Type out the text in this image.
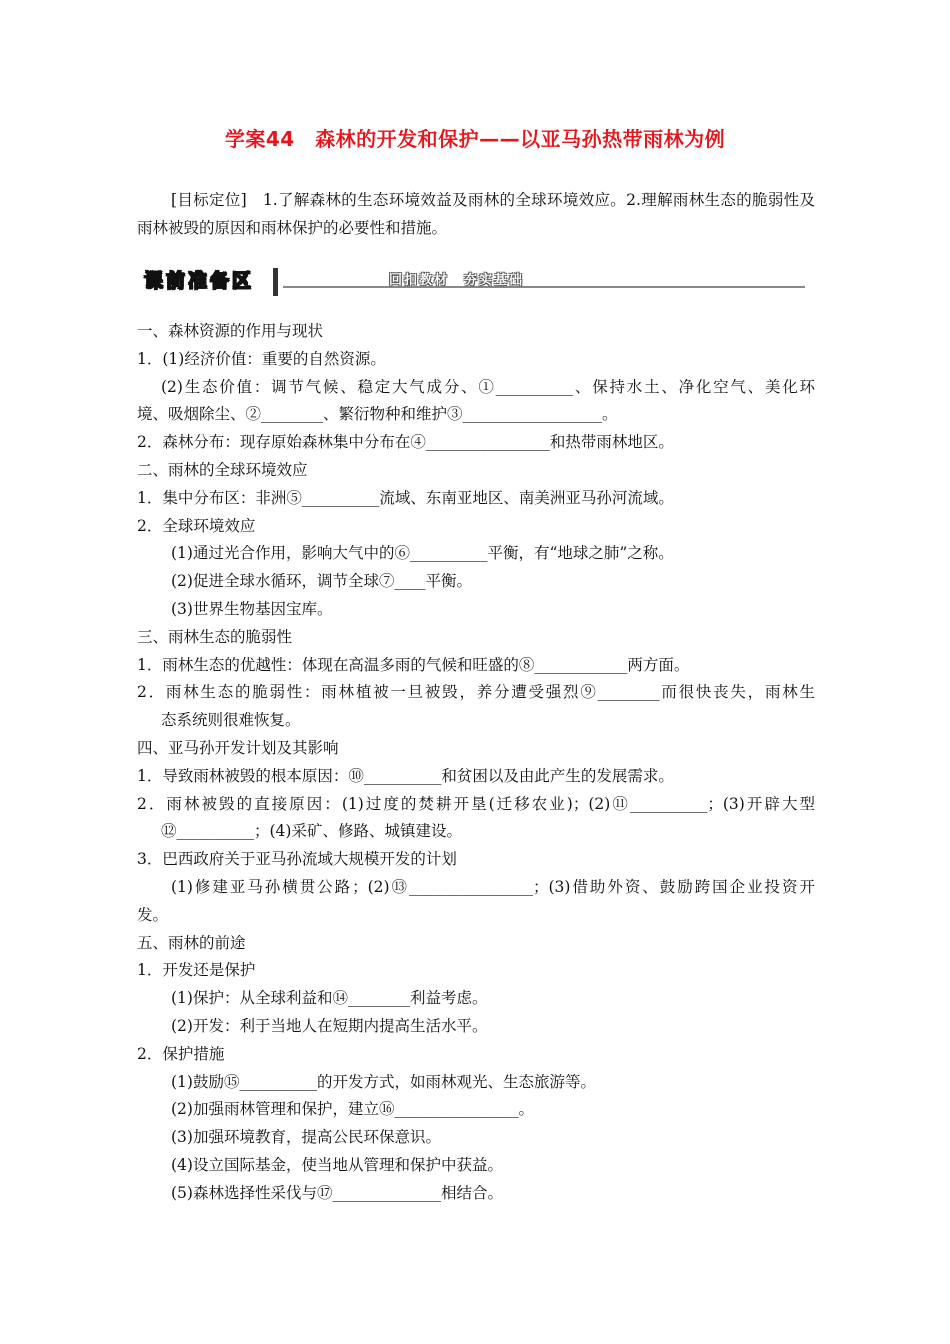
学案44　森林的开发和保护——以亚马孙热带雨林为例
[目标定位]　1.了解森林的生态环境效益及雨林的全球环境效应。2.理解雨林生态的脆弱性及雨林被毁的原因和雨林保护的必要性和措施。
课前准备区	回扣教材　夯实基础
一、森林资源的作用与现状
1．(1)经济价值：重要的自然资源。
(2)生态价值：调节气候、稳定大气成分、①__________、保持水土、净化空气、美化环
境、吸烟除尘、②________、繁衍物种和维护③__________________。
2．森林分布：现存原始森林集中分布在④________________和热带雨林地区。
二、雨林的全球环境效应
1．集中分布区：非洲⑤__________流域、东南亚地区、南美洲亚马孙河流域。
2．全球环境效应
(1)通过光合作用，影响大气中的⑥__________平衡，有“地球之肺”之称。
(2)促进全球水循环，调节全球⑦____平衡。
(3)世界生物基因宝库。
三、雨林生态的脆弱性
1．雨林生态的优越性：体现在高温多雨的气候和旺盛的⑧____________两方面。
2．雨林生态的脆弱性：雨林植被一旦被毁，养分遭受强烈⑨________而很快丧失，雨林生
态系统则很难恢复。
四、亚马孙开发计划及其影响
1．导致雨林被毁的根本原因：⑩__________和贫困以及由此产生的发展需求。
2．雨林被毁的直接原因：(1)过度的焚耕开垦(迁移农业)；(2)⑪__________；(3)开辟大型
⑫__________；(4)采矿、修路、城镇建设。
3．巴西政府关于亚马孙流域大规模开发的计划
(1)修建亚马孙横贯公路；(2)⑬________________；(3)借助外资、鼓励跨国企业投资开
发。
五、雨林的前途
1．开发还是保护
(1)保护：从全球利益和⑭________利益考虑。
(2)开发：利于当地人在短期内提高生活水平。
2．保护措施
(1)鼓励⑮__________的开发方式，如雨林观光、生态旅游等。
(2)加强雨林管理和保护，建立⑯________________。
(3)加强环境教育，提高公民环保意识。
(4)设立国际基金，使当地从管理和保护中获益。
(5)森林选择性采伐与⑰______________相结合。
